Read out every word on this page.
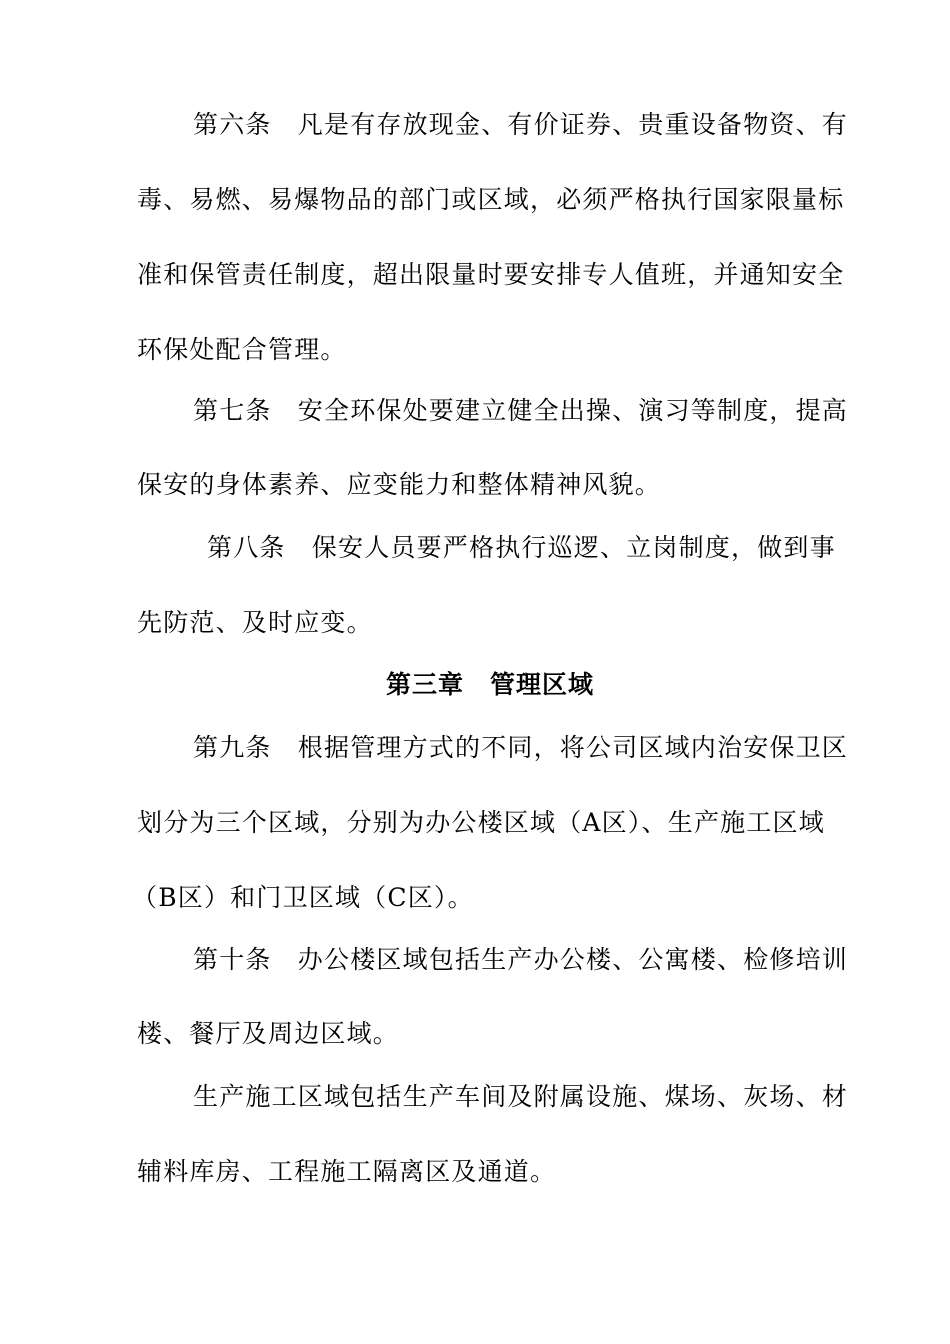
第六条　凡是有存放现金、有价证券、贵重设备物资、有
毒、易燃、易爆物品的部门或区域，必须严格执行国家限量标
准和保管责任制度，超出限量时要安排专人值班，并通知安全
环保处配合管理。
第七条　安全环保处要建立健全出操、演习等制度，提高
保安的身体素养、应变能力和整体精神风貌。
第八条　保安人员要严格执行巡逻、立岗制度，做到事
先防范、及时应变。
第三章　管理区域
第九条　根据管理方式的不同，将公司区域内治安保卫区
划分为三个区域，分别为办公楼区域（A区）、生产施工区域
（B区）和门卫区域（C区）。
第十条　办公楼区域包括生产办公楼、公寓楼、检修培训
楼、餐厅及周边区域。
生产施工区域包括生产车间及附属设施、煤场、灰场、材
辅料库房、工程施工隔离区及通道。
